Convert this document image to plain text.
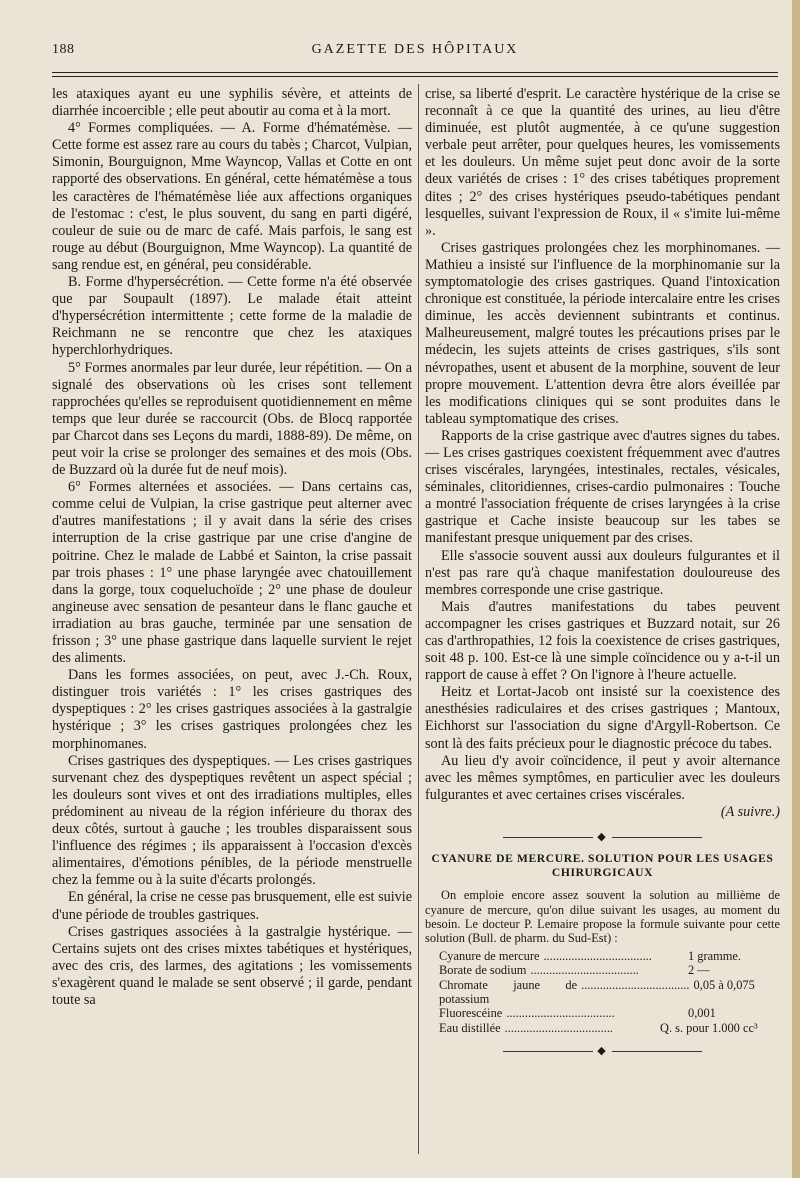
188	GAZETTE DES HÔPITAUX

les ataxiques ayant eu une syphilis sévère, et atteints de diarrhée incoercible ; elle peut aboutir au coma et à la mort.

4° Formes compliquées. — A. Forme d'hématémèse. — Cette forme est assez rare au cours du tabès ; Charcot, Vulpian, Simonin, Bourguignon, Mme Wayncop, Vallas et Cotte en ont rapporté des observations. En général, cette hématémèse a tous les caractères de l'hématémèse liée aux affections organiques de l'estomac : c'est, le plus souvent, du sang en parti digéré, couleur de suie ou de marc de café. Mais parfois, le sang est rouge au début (Bourguignon, Mme Wayncop). La quantité de sang rendue est, en général, peu considérable.

B. Forme d'hypersécrétion. — Cette forme n'a été observée que par Soupault (1897). Le malade était atteint d'hypersécrétion intermittente ; cette forme de la maladie de Reichmann ne se rencontre que chez les ataxiques hyperchlorhydriques.

5° Formes anormales par leur durée, leur répétition. — On a signalé des observations où les crises sont tellement rapprochées qu'elles se reproduisent quotidiennement en même temps que leur durée se raccourcit (Obs. de Blocq rapportée par Charcot dans ses Leçons du mardi, 1888-89). De même, on peut voir la crise se prolonger des semaines et des mois (Obs. de Buzzard où la durée fut de neuf mois).

6° Formes alternées et associées. — Dans certains cas, comme celui de Vulpian, la crise gastrique peut alterner avec d'autres manifestations ; il y avait dans la série des crises interruption de la crise gastrique par une crise d'angine de poitrine. Chez le malade de Labbé et Sainton, la crise passait par trois phases : 1° une phase laryngée avec chatouillement dans la gorge, toux coqueluchoïde ; 2° une phase de douleur angineuse avec sensation de pesanteur dans le flanc gauche et irradiation au bras gauche, terminée par une sensation de frisson ; 3° une phase gastrique dans laquelle survient le rejet des aliments.

Dans les formes associées, on peut, avec J.-Ch. Roux, distinguer trois variétés : 1° les crises gastriques des dyspeptiques : 2° les crises gastriques associées à la gastralgie hystérique ; 3° les crises gastriques prolongées chez les morphinomanes.

Crises gastriques des dyspeptiques. — Les crises gastriques survenant chez des dyspeptiques revêtent un aspect spécial ; les douleurs sont vives et ont des irradiations multiples, elles prédominent au niveau de la région inférieure du thorax des deux côtés, surtout à gauche ; les troubles disparaissent sous l'influence des régimes ; ils apparaissent à l'occasion d'excès alimentaires, d'émotions pénibles, de la période menstruelle chez la femme ou à la suite d'écarts prolongés.

En général, la crise ne cesse pas brusquement, elle est suivie d'une période de troubles gastriques.

Crises gastriques associées à la gastralgie hystérique. — Certains sujets ont des crises mixtes tabétiques et hystériques, avec des cris, des larmes, des agitations ; les vomissements s'exagèrent quand le malade se sent observé ; il garde, pendant toute sa

crise, sa liberté d'esprit. Le caractère hystérique de la crise se reconnaît à ce que la quantité des urines, au lieu d'être diminuée, est plutôt augmentée, à ce qu'une suggestion verbale peut arrêter, pour quelques heures, les vomissements et les douleurs. Un même sujet peut donc avoir de la sorte deux variétés de crises : 1° des crises tabétiques proprement dites ; 2° des crises hystériques pseudo-tabétiques pendant lesquelles, suivant l'expression de Roux, il « s'imite lui-même ».

Crises gastriques prolongées chez les morphinomanes. — Mathieu a insisté sur l'influence de la morphinomanie sur la symptomatologie des crises gastriques. Quand l'intoxication chronique est constituée, la période intercalaire entre les crises diminue, les accès deviennent subintrants et continus. Malheureusement, malgré toutes les précautions prises par le médecin, les sujets atteints de crises gastriques, s'ils sont névropathes, usent et abusent de la morphine, souvent de leur propre mouvement. L'attention devra être alors éveillée par les modifications cliniques qui se sont produites dans le tableau symptomatique des crises.

Rapports de la crise gastrique avec d'autres signes du tabes. — Les crises gastriques coexistent fréquemment avec d'autres crises viscérales, laryngées, intestinales, rectales, vésicales, séminales, clitoridiennes, crises-cardio pulmonaires : Touche a montré l'association fréquente de crises laryngées à la crise gastrique et Cache insiste beaucoup sur les tabes se manifestant presque uniquement par des crises.

Elle s'associe souvent aussi aux douleurs fulgurantes et il n'est pas rare qu'à chaque manifestation douloureuse des membres corresponde une crise gastrique.

Mais d'autres manifestations du tabes peuvent accompagner les crises gastriques et Buzzard notait, sur 26 cas d'arthropathies, 12 fois la coexistence de crises gastriques, soit 48 p. 100. Est-ce là une simple coïncidence ou y a-t-il un rapport de cause à effet ? On l'ignore à l'heure actuelle.

Heitz et Lortat-Jacob ont insisté sur la coexistence des anesthésies radiculaires et des crises gastriques ; Mantoux, Eichhorst sur l'association du signe d'Argyll-Robertson. Ce sont là des faits précieux pour le diagnostic précoce du tabes.

Au lieu d'y avoir coïncidence, il peut y avoir alternance avec les mêmes symptômes, en particulier avec les douleurs fulgurantes et avec certaines crises viscérales.

(A suivre.)

◆
CYANURE DE MERCURE. SOLUTION POUR LES USAGES CHIRURGICAUX

On emploie encore assez souvent la solution au millième de cyanure de mercure, qu'on dilue suivant les usages, au moment du besoin. Le docteur P. Lemaire propose la formule suivante pour cette solution (Bull. de pharm. du Sud-Est) :

Cyanure de mercure ...................................	1 gramme.
Borate de sodium ...................................	2 —
Chromate jaune de potassium
................................... 0,05 à 0,075
Fluorescéine ...................................	0,001
Eau distillée ...................................	Q. s. pour 1.000 cc³
◆
